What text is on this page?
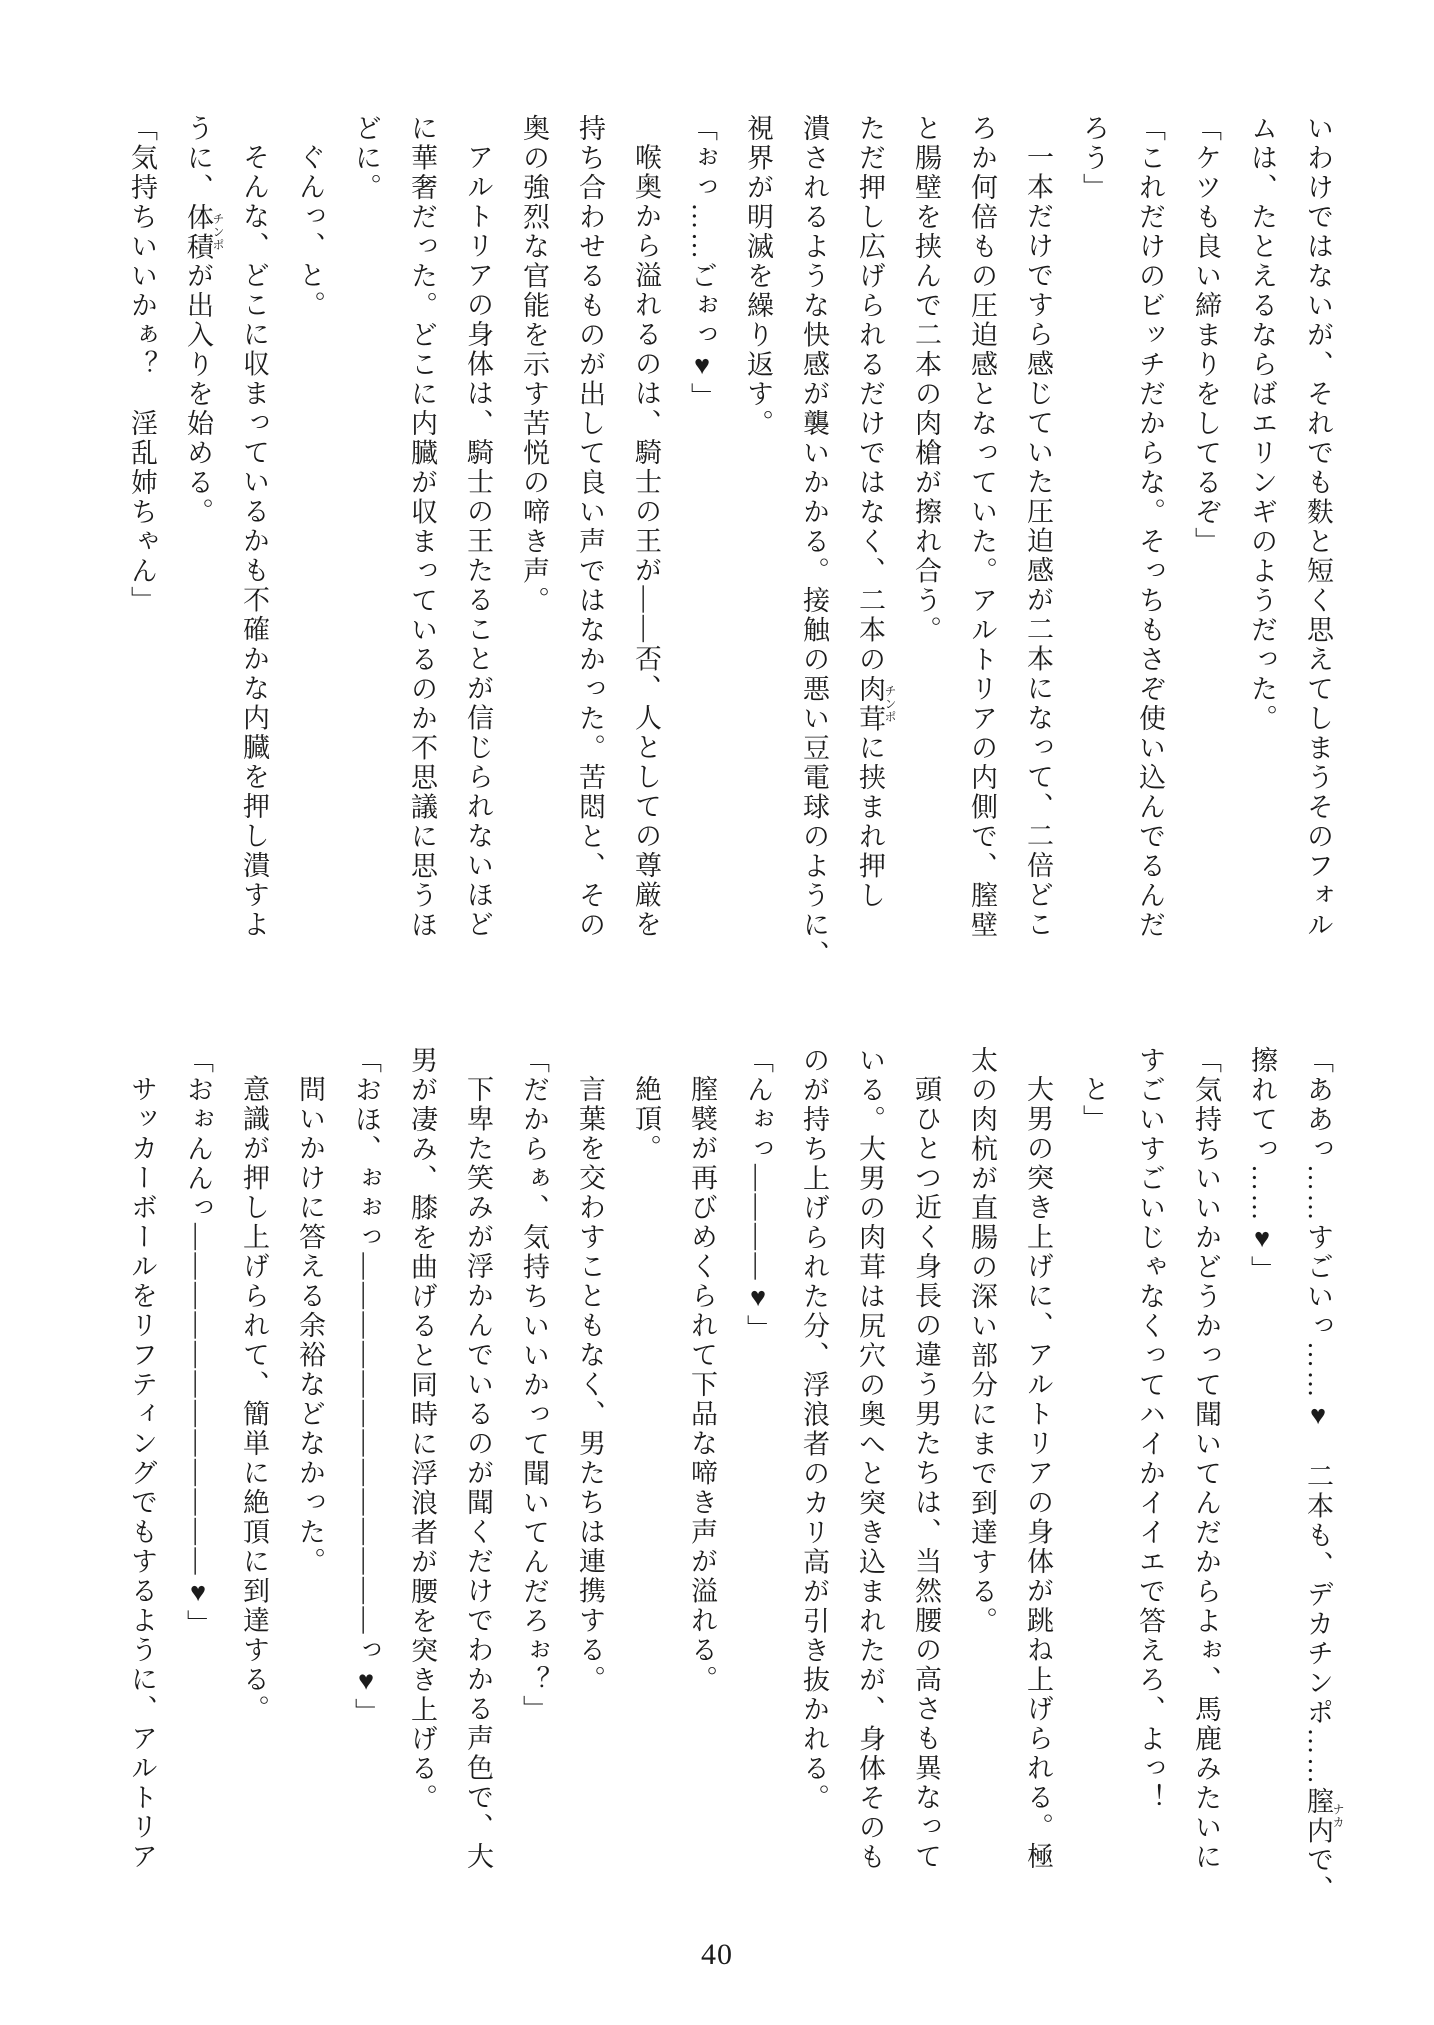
いわけではないが、それでも麩と短く思えてしまうそのフォル
ムは、たとえるならばエリンギのようだった。
「ケツも良い締まりをしてるぞ」
「これだけのビッチだからな。そっちもさぞ使い込んでるんだ
ろう」
一本だけですら感じていた圧迫感が二本になって、二倍どこ
ろか何倍もの圧迫感となっていた。アルトリアの内側で、膣壁
と腸壁を挟んで二本の肉槍が擦れ合う。
ただ押し広げられるだけではなく、二本の肉茸チンポに挟まれ押し
潰されるような快感が襲いかかる。接触の悪い豆電球のように、
視界が明滅を繰り返す。
「ぉっ……ごぉっ♥」
喉奥から溢れるのは、騎士の王が――否、人としての尊厳を
持ち合わせるものが出して良い声ではなかった。苦悶と、その
奥の強烈な官能を示す苦悦の啼き声。
アルトリアの身体は、騎士の王たることが信じられないほど
に華奢だった。どこに内臓が収まっているのか不思議に思うほ
どに。
ぐんっ、と。
そんな、どこに収まっているかも不確かな内臓を押し潰すよ
うに、体積チンポが出入りを始める。
「気持ちいいかぁ？　淫乱姉ちゃん」
「ああっ……すごいっ……♥　二本も、デカチンポ……膣内ナカで、
擦れてっ……♥」
「気持ちいいかどうかって聞いてんだからよぉ、馬鹿みたいに
すごいすごいじゃなくってハイかイイエで答えろ、よっ！
と」
大男の突き上げに、アルトリアの身体が跳ね上げられる。極
太の肉杭が直腸の深い部分にまで到達する。
頭ひとつ近く身長の違う男たちは、当然腰の高さも異なって
いる。大男の肉茸は尻穴の奥へと突き込まれたが、身体そのも
のが持ち上げられた分、浮浪者のカリ高が引き抜かれる。
「んぉっ――――♥」
膣襞が再びめくられて下品な啼き声が溢れる。
絶頂。
言葉を交わすこともなく、男たちは連携する。
「だからぁ、気持ちいいかって聞いてんだろぉ？」
下卑た笑みが浮かんでいるのが聞くだけでわかる声色で、大
男が凄み、膝を曲げると同時に浮浪者が腰を突き上げる。
「おほ、ぉぉっ―――――――――――――っ♥」
問いかけに答える余裕などなかった。
意識が押し上げられて、簡単に絶頂に到達する。
「おぉんんっ――――――――――――♥」
サッカーボールをリフティングでもするように、アルトリア
40
